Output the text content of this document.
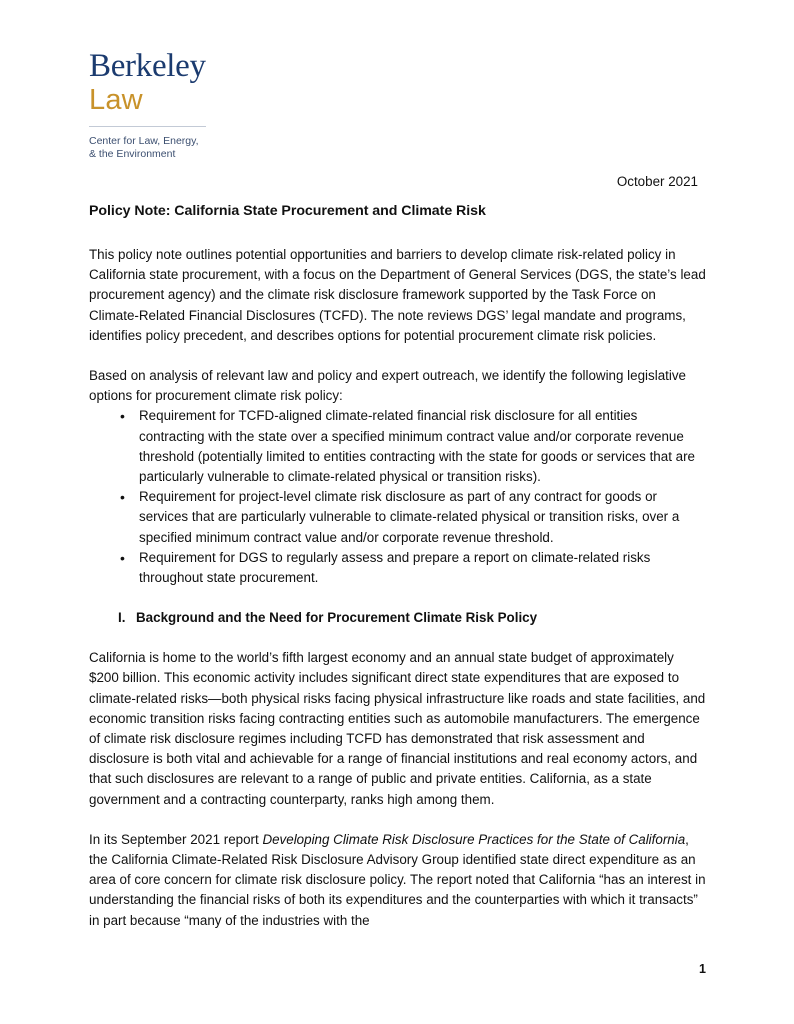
Berkeley
Law
Center for Law, Energy,
& the Environment
October 2021
Policy Note: California State Procurement and Climate Risk

This policy note outlines potential opportunities and barriers to develop climate risk-related policy in California state procurement, with a focus on the Department of General Services (DGS, the state’s lead procurement agency) and the climate risk disclosure framework supported by the Task Force on Climate-Related Financial Disclosures (TCFD). The note reviews DGS’ legal mandate and programs, identifies policy precedent, and describes options for potential procurement climate risk policies.

Based on analysis of relevant law and policy and expert outreach, we identify the following legislative options for procurement climate risk policy:

• Requirement for TCFD-aligned climate-related financial risk disclosure for all entities contracting with the state over a specified minimum contract value and/or corporate revenue threshold (potentially limited to entities contracting with the state for goods or services that are particularly vulnerable to climate-related physical or transition risks).
• Requirement for project-level climate risk disclosure as part of any contract for goods or services that are particularly vulnerable to climate-related physical or transition risks, over a specified minimum contract value and/or corporate revenue threshold.
• Requirement for DGS to regularly assess and prepare a report on climate-related risks throughout state procurement.
I. Background and the Need for Procurement Climate Risk Policy

California is home to the world’s fifth largest economy and an annual state budget of approximately $200 billion. This economic activity includes significant direct state expenditures that are exposed to climate-related risks—both physical risks facing physical infrastructure like roads and state facilities, and economic transition risks facing contracting entities such as automobile manufacturers. The emergence of climate risk disclosure regimes including TCFD has demonstrated that risk assessment and disclosure is both vital and achievable for a range of financial institutions and real economy actors, and that such disclosures are relevant to a range of public and private entities. California, as a state government and a contracting counterparty, ranks high among them.

In its September 2021 report Developing Climate Risk Disclosure Practices for the State of California, the California Climate-Related Risk Disclosure Advisory Group identified state direct expenditure as an area of core concern for climate risk disclosure policy. The report noted that California “has an interest in understanding the financial risks of both its expenditures and the counterparties with which it transacts” in part because “many of the industries with the

1
